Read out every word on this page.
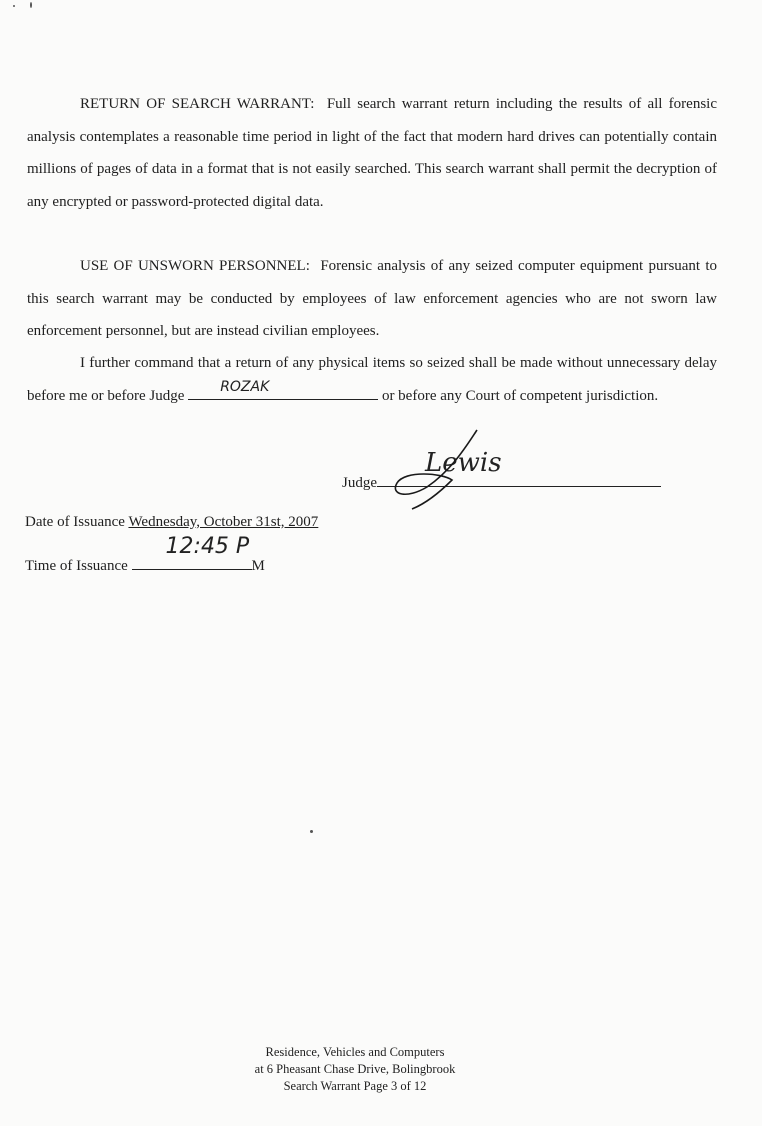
RETURN OF SEARCH WARRANT: Full search warrant return including the results of all forensic analysis contemplates a reasonable time period in light of the fact that modern hard drives can potentially contain millions of pages of data in a format that is not easily searched. This search warrant shall permit the decryption of any encrypted or password-protected digital data.

USE OF UNSWORN PERSONNEL: Forensic analysis of any seized computer equipment pursuant to this search warrant may be conducted by employees of law enforcement agencies who are not sworn law enforcement personnel, but are instead civilian employees.

I further command that a return of any physical items so seized shall be made without unnecessary delay before me or before Judge
ROZAK
or before any Court of competent jurisdiction.

Judge
Lewis
Date of Issuance Wednesday, October 31st, 2007
Time of Issuance
12:45 P
M
Residence, Vehicles and Computers
at 6 Pheasant Chase Drive, Bolingbrook
Search Warrant Page 3 of 12
